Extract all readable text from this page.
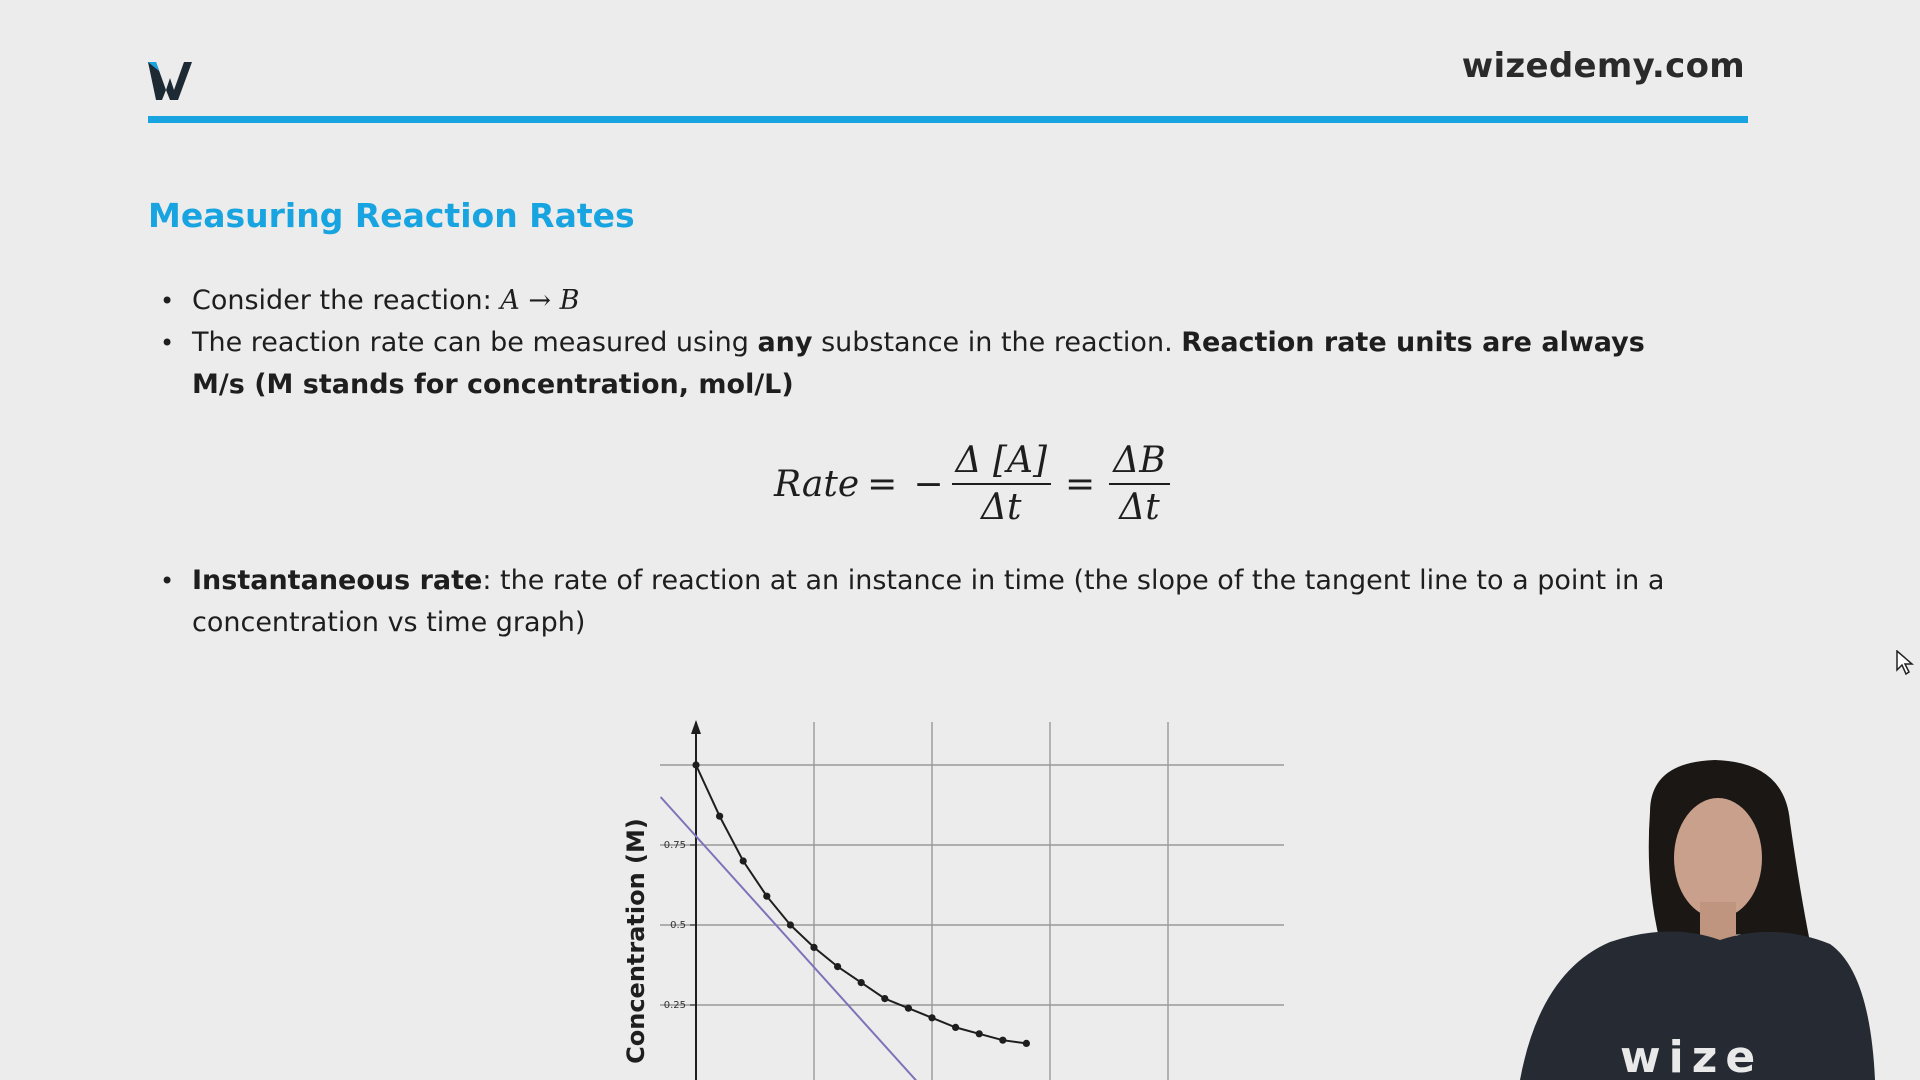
wizedemy.com
Measuring Reaction Rates
• Consider the reaction: A → B
• The reaction rate can be measured using any substance in the reaction. Reaction rate units are always M/s (M stands for concentration, mol/L)
Rate = − $\frac{\Delta [A]}{\Delta t} = \frac{\Delta B}{\Delta t}$
• Instantaneous rate: the rate of reaction at an instance in time (the slope of the tangent line to a point in a concentration vs time graph)
0.75
0.5
0.25
Concentration (M)	wize
